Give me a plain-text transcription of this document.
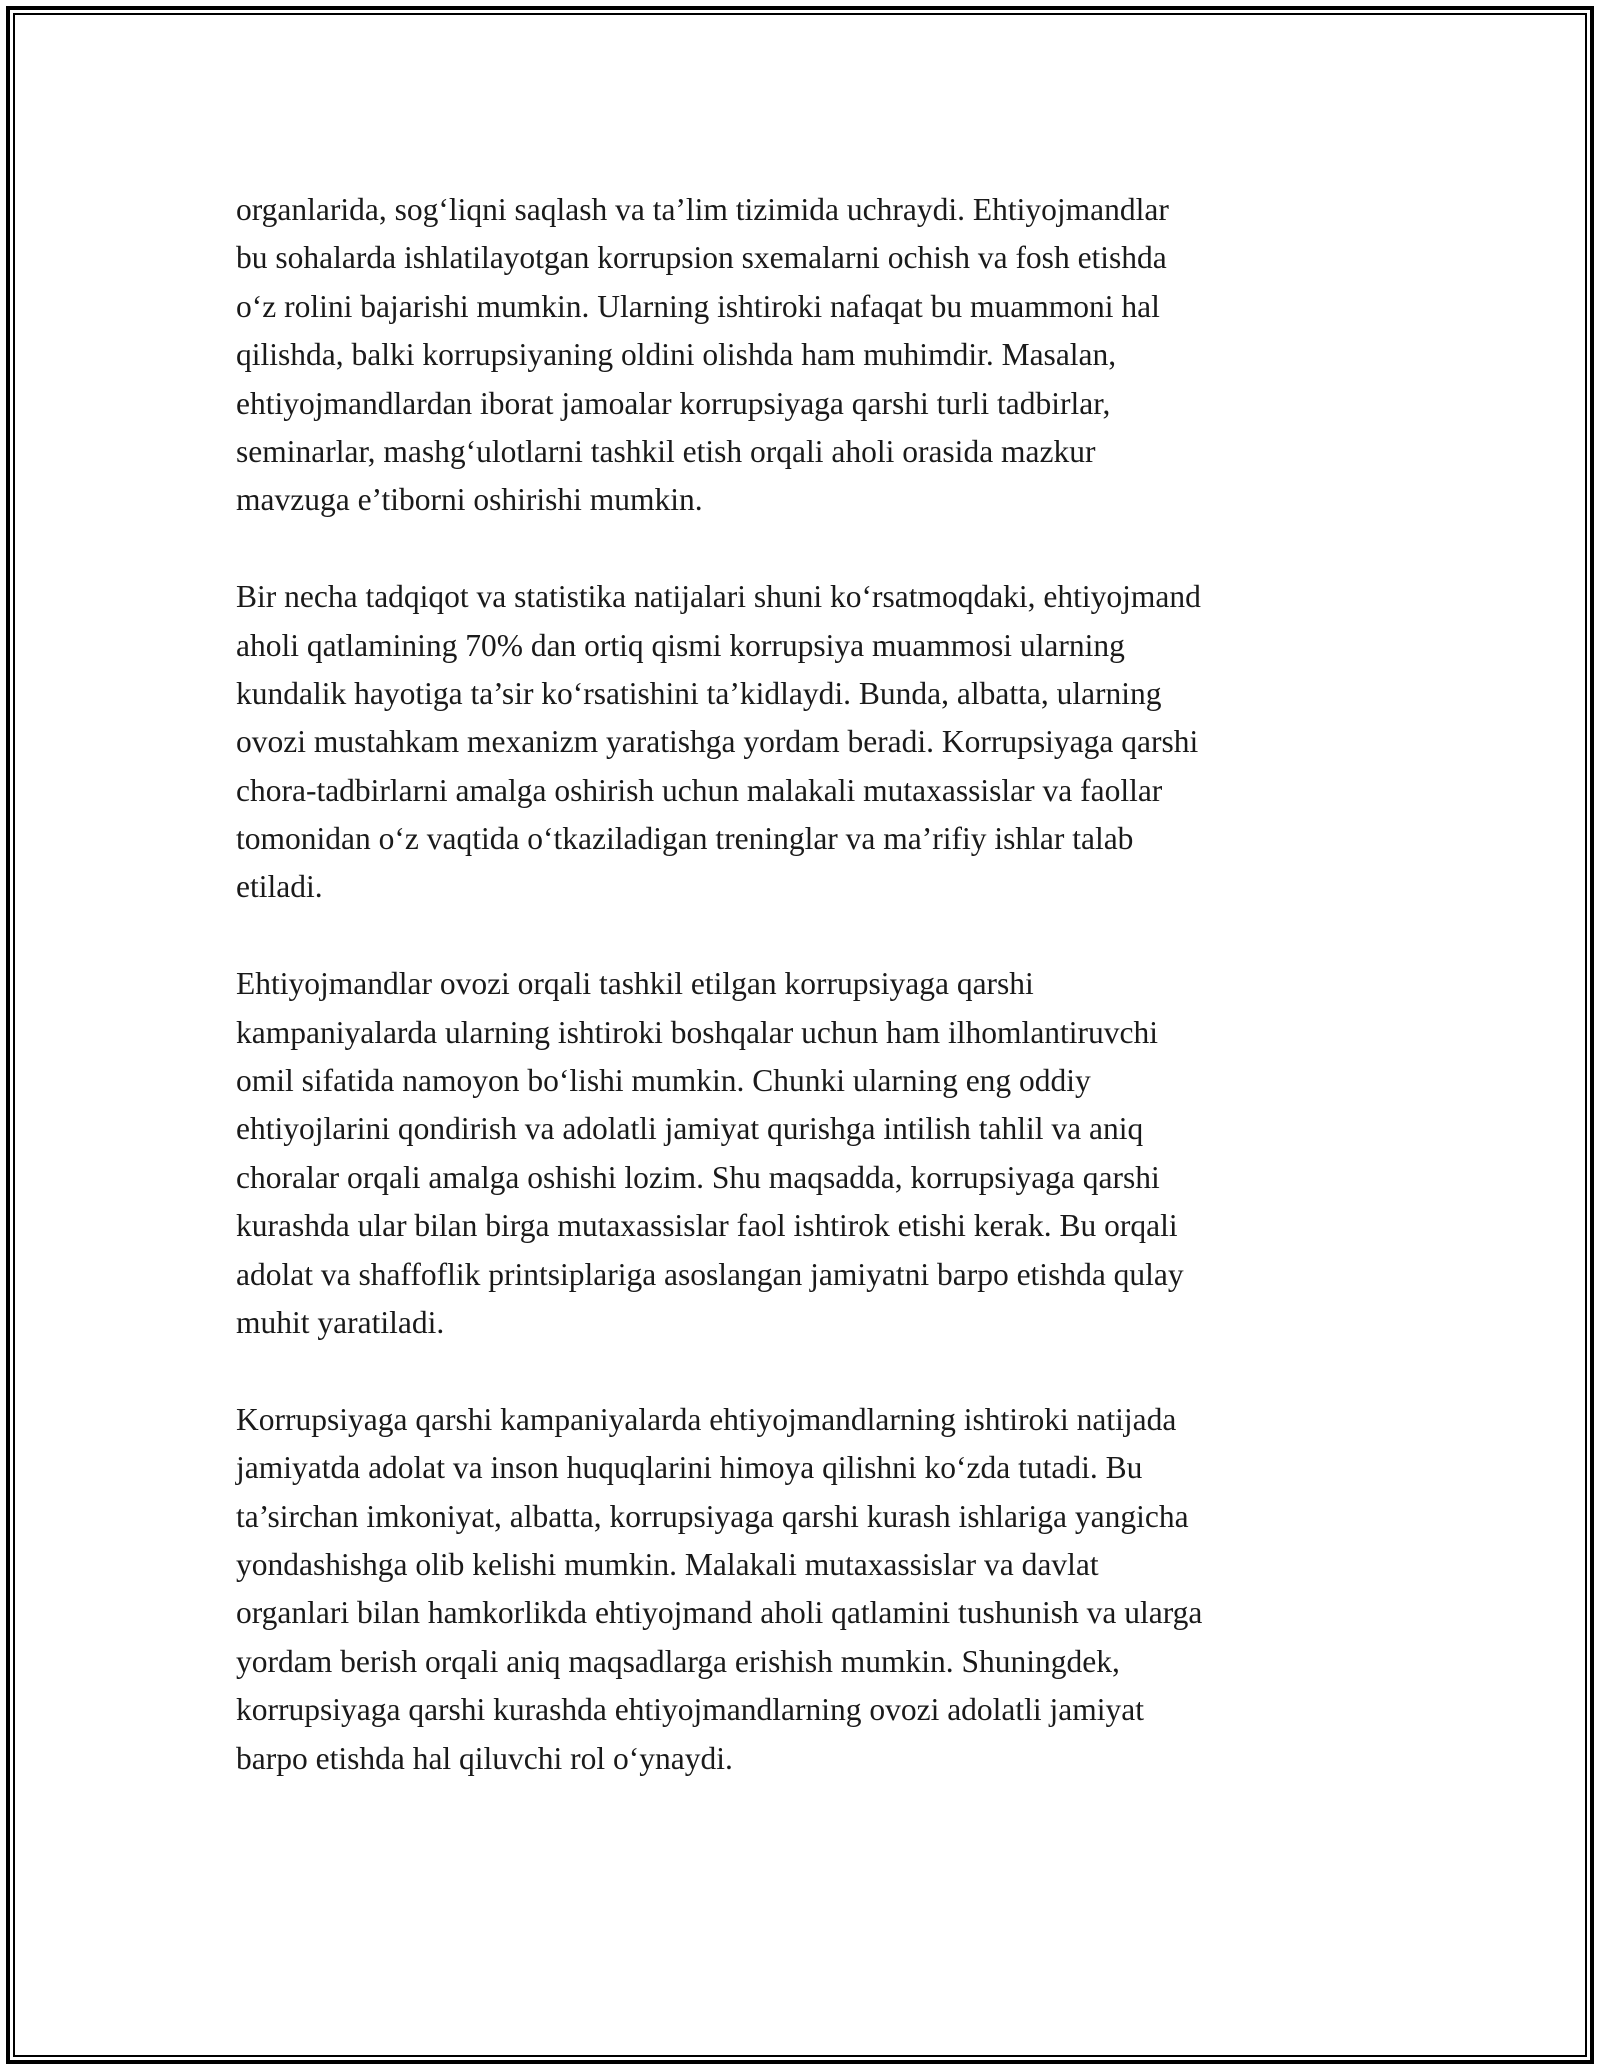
organlarida, sog‘liqni saqlash va ta’lim tizimida uchraydi. Ehtiyojmandlar
bu sohalarda ishlatilayotgan korrupsion sxemalarni ochish va fosh etishda
o‘z rolini bajarishi mumkin. Ularning ishtiroki nafaqat bu muammoni hal
qilishda, balki korrupsiyaning oldini olishda ham muhimdir. Masalan,
ehtiyojmandlardan iborat jamoalar korrupsiyaga qarshi turli tadbirlar,
seminarlar, mashg‘ulotlarni tashkil etish orqali aholi orasida mazkur
mavzuga e’tiborni oshirishi mumkin.

Bir necha tadqiqot va statistika natijalari shuni ko‘rsatmoqdaki, ehtiyojmand
aholi qatlamining 70% dan ortiq qismi korrupsiya muammosi ularning
kundalik hayotiga ta’sir ko‘rsatishini ta’kidlaydi. Bunda, albatta, ularning
ovozi mustahkam mexanizm yaratishga yordam beradi. Korrupsiyaga qarshi
chora-tadbirlarni amalga oshirish uchun malakali mutaxassislar va faollar
tomonidan o‘z vaqtida o‘tkaziladigan treninglar va ma’rifiy ishlar talab
etiladi.

Ehtiyojmandlar ovozi orqali tashkil etilgan korrupsiyaga qarshi
kampaniyalarda ularning ishtiroki boshqalar uchun ham ilhomlantiruvchi
omil sifatida namoyon bo‘lishi mumkin. Chunki ularning eng oddiy
ehtiyojlarini qondirish va adolatli jamiyat qurishga intilish tahlil va aniq
choralar orqali amalga oshishi lozim. Shu maqsadda, korrupsiyaga qarshi
kurashda ular bilan birga mutaxassislar faol ishtirok etishi kerak. Bu orqali
adolat va shaffoflik printsiplariga asoslangan jamiyatni barpo etishda qulay
muhit yaratiladi.

Korrupsiyaga qarshi kampaniyalarda ehtiyojmandlarning ishtiroki natijada
jamiyatda adolat va inson huquqlarini himoya qilishni ko‘zda tutadi. Bu
ta’sirchan imkoniyat, albatta, korrupsiyaga qarshi kurash ishlariga yangicha
yondashishga olib kelishi mumkin. Malakali mutaxassislar va davlat
organlari bilan hamkorlikda ehtiyojmand aholi qatlamini tushunish va ularga
yordam berish orqali aniq maqsadlarga erishish mumkin. Shuningdek,
korrupsiyaga qarshi kurashda ehtiyojmandlarning ovozi adolatli jamiyat
barpo etishda hal qiluvchi rol o‘ynaydi.
